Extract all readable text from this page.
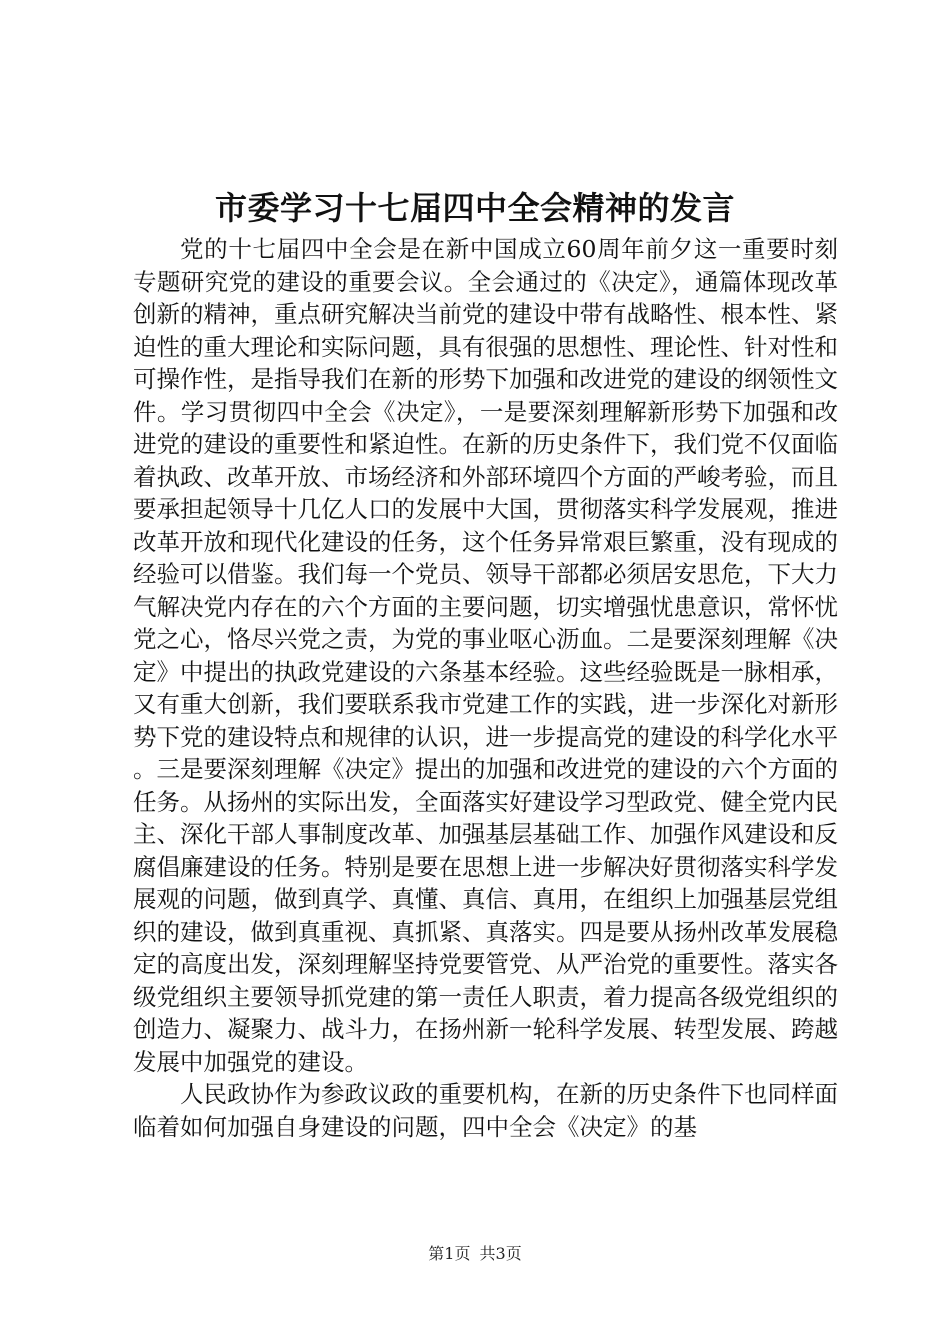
市委学习十七届四中全会精神的发言

党的十七届四中全会是在新中国成立60周年前夕这一重要时刻专题研究党的建设的重要会议。全会通过的《决定》，通篇体现改革创新的精神，重点研究解决当前党的建设中带有战略性、根本性、紧迫性的重大理论和实际问题，具有很强的思想性、理论性、针对性和可操作性，是指导我们在新的形势下加强和改进党的建设的纲领性文件。学习贯彻四中全会《决定》，一是要深刻理解新形势下加强和改进党的建设的重要性和紧迫性。在新的历史条件下，我们党不仅面临着执政、改革开放、市场经济和外部环境四个方面的严峻考验，而且要承担起领导十几亿人口的发展中大国，贯彻落实科学发展观，推进改革开放和现代化建设的任务，这个任务异常艰巨繁重，没有现成的经验可以借鉴。我们每一个党员、领导干部都必须居安思危，下大力气解决党内存在的六个方面的主要问题，切实增强忧患意识，常怀忧党之心，恪尽兴党之责，为党的事业呕心沥血。二是要深刻理解《决定》中提出的执政党建设的六条基本经验。这些经验既是一脉相承，又有重大创新，我们要联系我市党建工作的实践，进一步深化对新形势下党的建设特点和规律的认识，进一步提高党的建设的科学化水平。三是要深刻理解《决定》提出的加强和改进党的建设的六个方面的任务。从扬州的实际出发，全面落实好建设学习型政党、健全党内民主、深化干部人事制度改革、加强基层基础工作、加强作风建设和反腐倡廉建设的任务。特别是要在思想上进一步解决好贯彻落实科学发展观的问题，做到真学、真懂、真信、真用，在组织上加强基层党组织的建设，做到真重视、真抓紧、真落实。四是要从扬州改革发展稳定的高度出发，深刻理解坚持党要管党、从严治党的重要性。落实各级党组织主要领导抓党建的第一责任人职责，着力提高各级党组织的创造力、凝聚力、战斗力，在扬州新一轮科学发展、转型发展、跨越发展中加强党的建设。

人民政协作为参政议政的重要机构，在新的历史条件下也同样面临着如何加强自身建设的问题，四中全会《决定》的基

第1页 共3页
